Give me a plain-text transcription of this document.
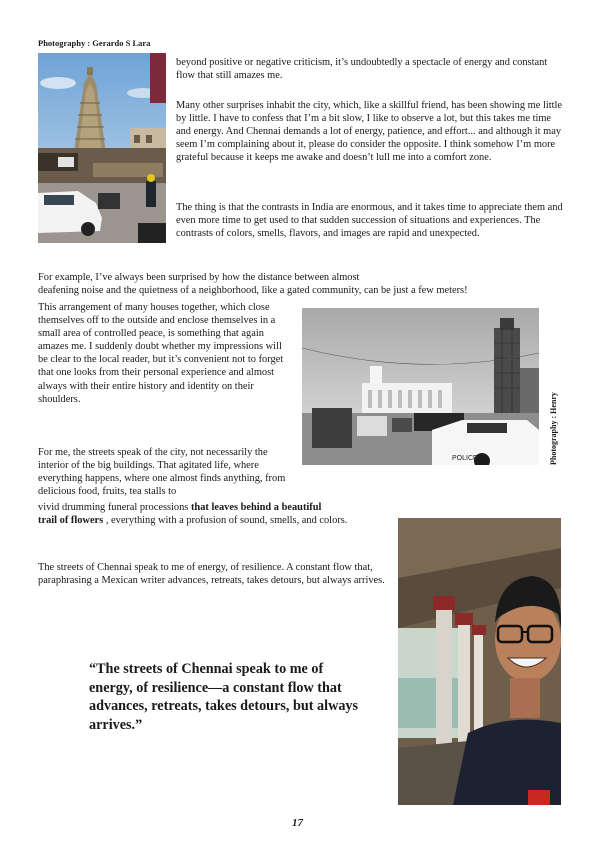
Photography : Gerardo S Lara

beyond positive or negative criticism, it’s undoubtedly a spectacle of energy and constant flow that still amazes me.

Many other surprises inhabit the city, which, like a skillful friend, has been showing me little by little. I have to confess that I’m a bit slow, I like to observe a lot, but this takes me time and energy. And Chennai demands a lot of energy, patience, and effort... and although it may seem I’m complaining about it, please do consider the opposite. I think somehow I’m more grateful because it keeps me awake and doesn’t lull me into a comfort zone.

The thing is that the contrasts in India are enormous, and it takes time to appreciate them and even more time to get used to that sudden succession of situations and experiences. The contrasts of colors, smells, flavors, and images are rapid and unexpected.

For example, I’ve always been surprised by how the distance between almost

deafening noise and the quietness of a neighborhood, like a gated community, can be just a few meters!

This arrangement of many houses together, which close themselves off to the outside and enclose themselves in a small area of controlled peace, is something that again amazes me. I suddenly doubt whether my impressions will be clear to the local reader, but it’s convenient not to forget that one looks from their personal experience and almost always with their entire history and identity on their shoulders.

For me, the streets speak of the city, not necessarily the interior of the big buildings. That agitated life, where everything happens, where one almost finds anything, from delicious food, fruits, tea stalls to

vivid drumming funeral processions that leaves behind a beautiful
trail of flowers , everything with a profusion of sound, smells, and colors.

The streets of Chennai speak to me of energy, of resilience. A constant flow that, paraphrasing a Mexican writer advances, retreats, takes detours, but always arrives.

POLICE	Photography : Henry
“The streets of Chennai speak to me of energy, of resilience—a constant flow that advances, retreats, takes detours, but always arrives.”
17
